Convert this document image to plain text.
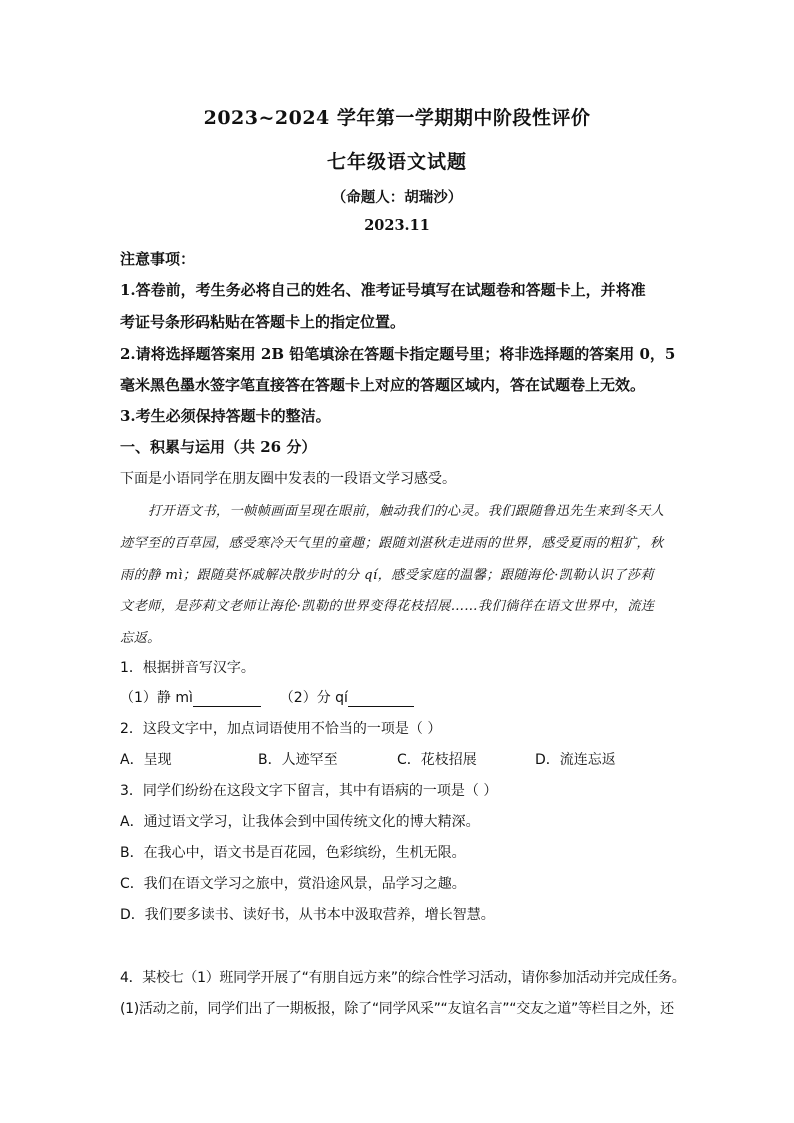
2023~2024 学年第一学期期中阶段性评价
七年级语文试题
（命题人：胡瑞沙）
2023.11
注意事项：
1.答卷前，考生务必将自己的姓名、准考证号填写在试题卷和答题卡上，并将准
考证号条形码粘贴在答题卡上的指定位置。
2.请将选择题答案用 2B 铅笔填涂在答题卡指定题号里；将非选择题的答案用 0，5
毫米黑色墨水签字笔直接答在答题卡上对应的答题区域内，答在试题卷上无效。
3.考生必须保持答题卡的整洁。
一、积累与运用（共 26 分）
下面是小语同学在朋友圈中发表的一段语文学习感受。
打开语文书，一帧帧画面呈现在眼前，触动我们的心灵。我们跟随鲁迅先生来到冬天人
迹罕至的百草园，感受寒冷天气里的童趣；跟随刘湛秋走进雨的世界，感受夏雨的粗犷，秋
雨的静 mì；跟随莫怀戚解决散步时的分 qí，感受家庭的温馨；跟随海伦·凯勒认识了莎莉
文老师，是莎莉文老师让海伦·凯勒的世界变得花枝招展……我们徜徉在语文世界中，流连
忘返。
1．根据拼音写汉字。
（1）静 mì	（2）分 qí
2．这段文字中，加点词语使用不恰当的一项是（ ）
A．呈现	B．人迹罕至	C．花枝招展	D．流连忘返
3．同学们纷纷在这段文字下留言，其中有语病的一项是（ ）
A．通过语文学习，让我体会到中国传统文化的博大精深。
B．在我心中，语文书是百花园，色彩缤纷，生机无限。
C．我们在语文学习之旅中，赏沿途风景，品学习之趣。
D．我们要多读书、读好书，从书本中汲取营养，增长智慧。
4．某校七（1）班同学开展了“有朋自远方来”的综合性学习活动，请你参加活动并完成任务。
(1)活动之前，同学们出了一期板报，除了“同学风采”“友谊名言”“交友之道”等栏目之外，还
